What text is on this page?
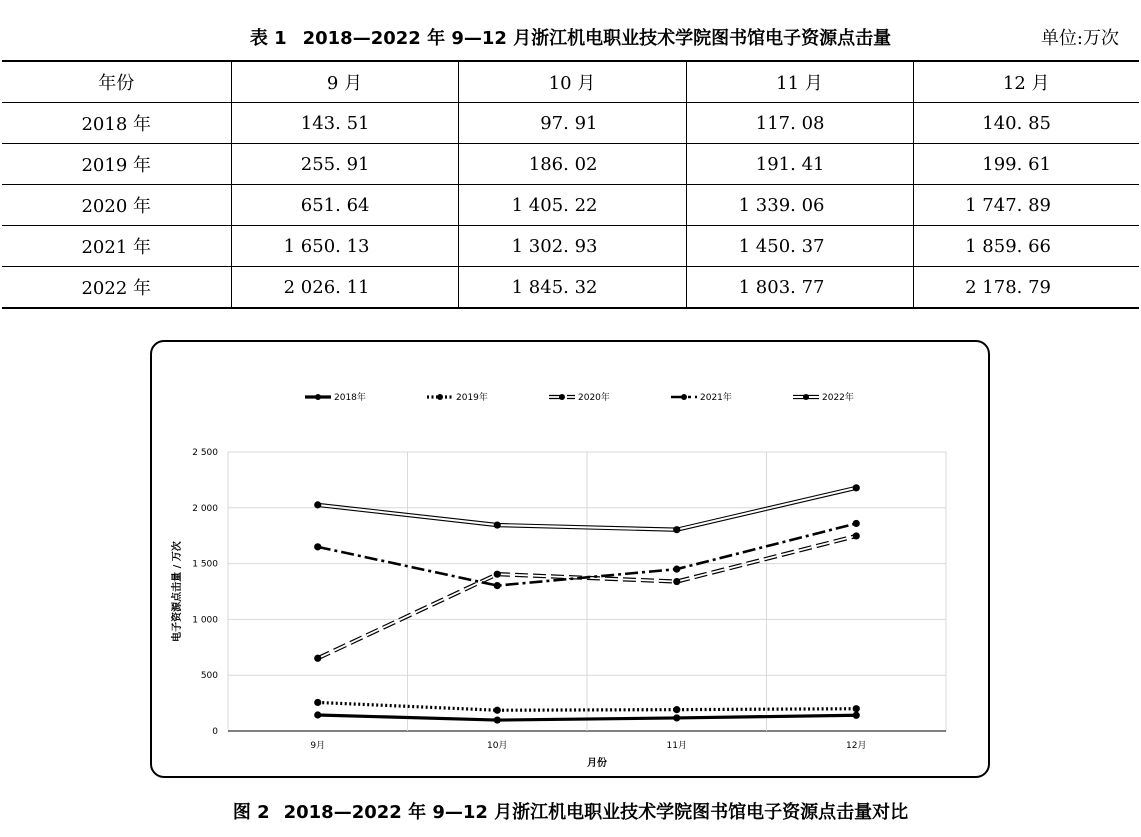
表 1 2018—2022 年 9—12 月浙江机电职业技术学院图书馆电子资源点击量	单位:万次
年份	9 月	10 月	11 月	12 月
2018 年	143. 51	97. 91	117. 08	140. 85
2019 年	255. 91	186. 02	191. 41	199. 61
2020 年	651. 64	1 405. 22	1 339. 06	1 747. 89
2021 年	1 650. 13	1 302. 93	1 450. 37	1 859. 66
2022 年	2 026. 11	1 845. 32	1 803. 77	2 178. 79
0
500
1 000
1 500
2 000
2 500
9月	10月	11月	12月
月份
电子资源点击量 / 万次
2018年	2019年	2020年	2021年	2022年
图 2 2018—2022 年 9—12 月浙江机电职业技术学院图书馆电子资源点击量对比
